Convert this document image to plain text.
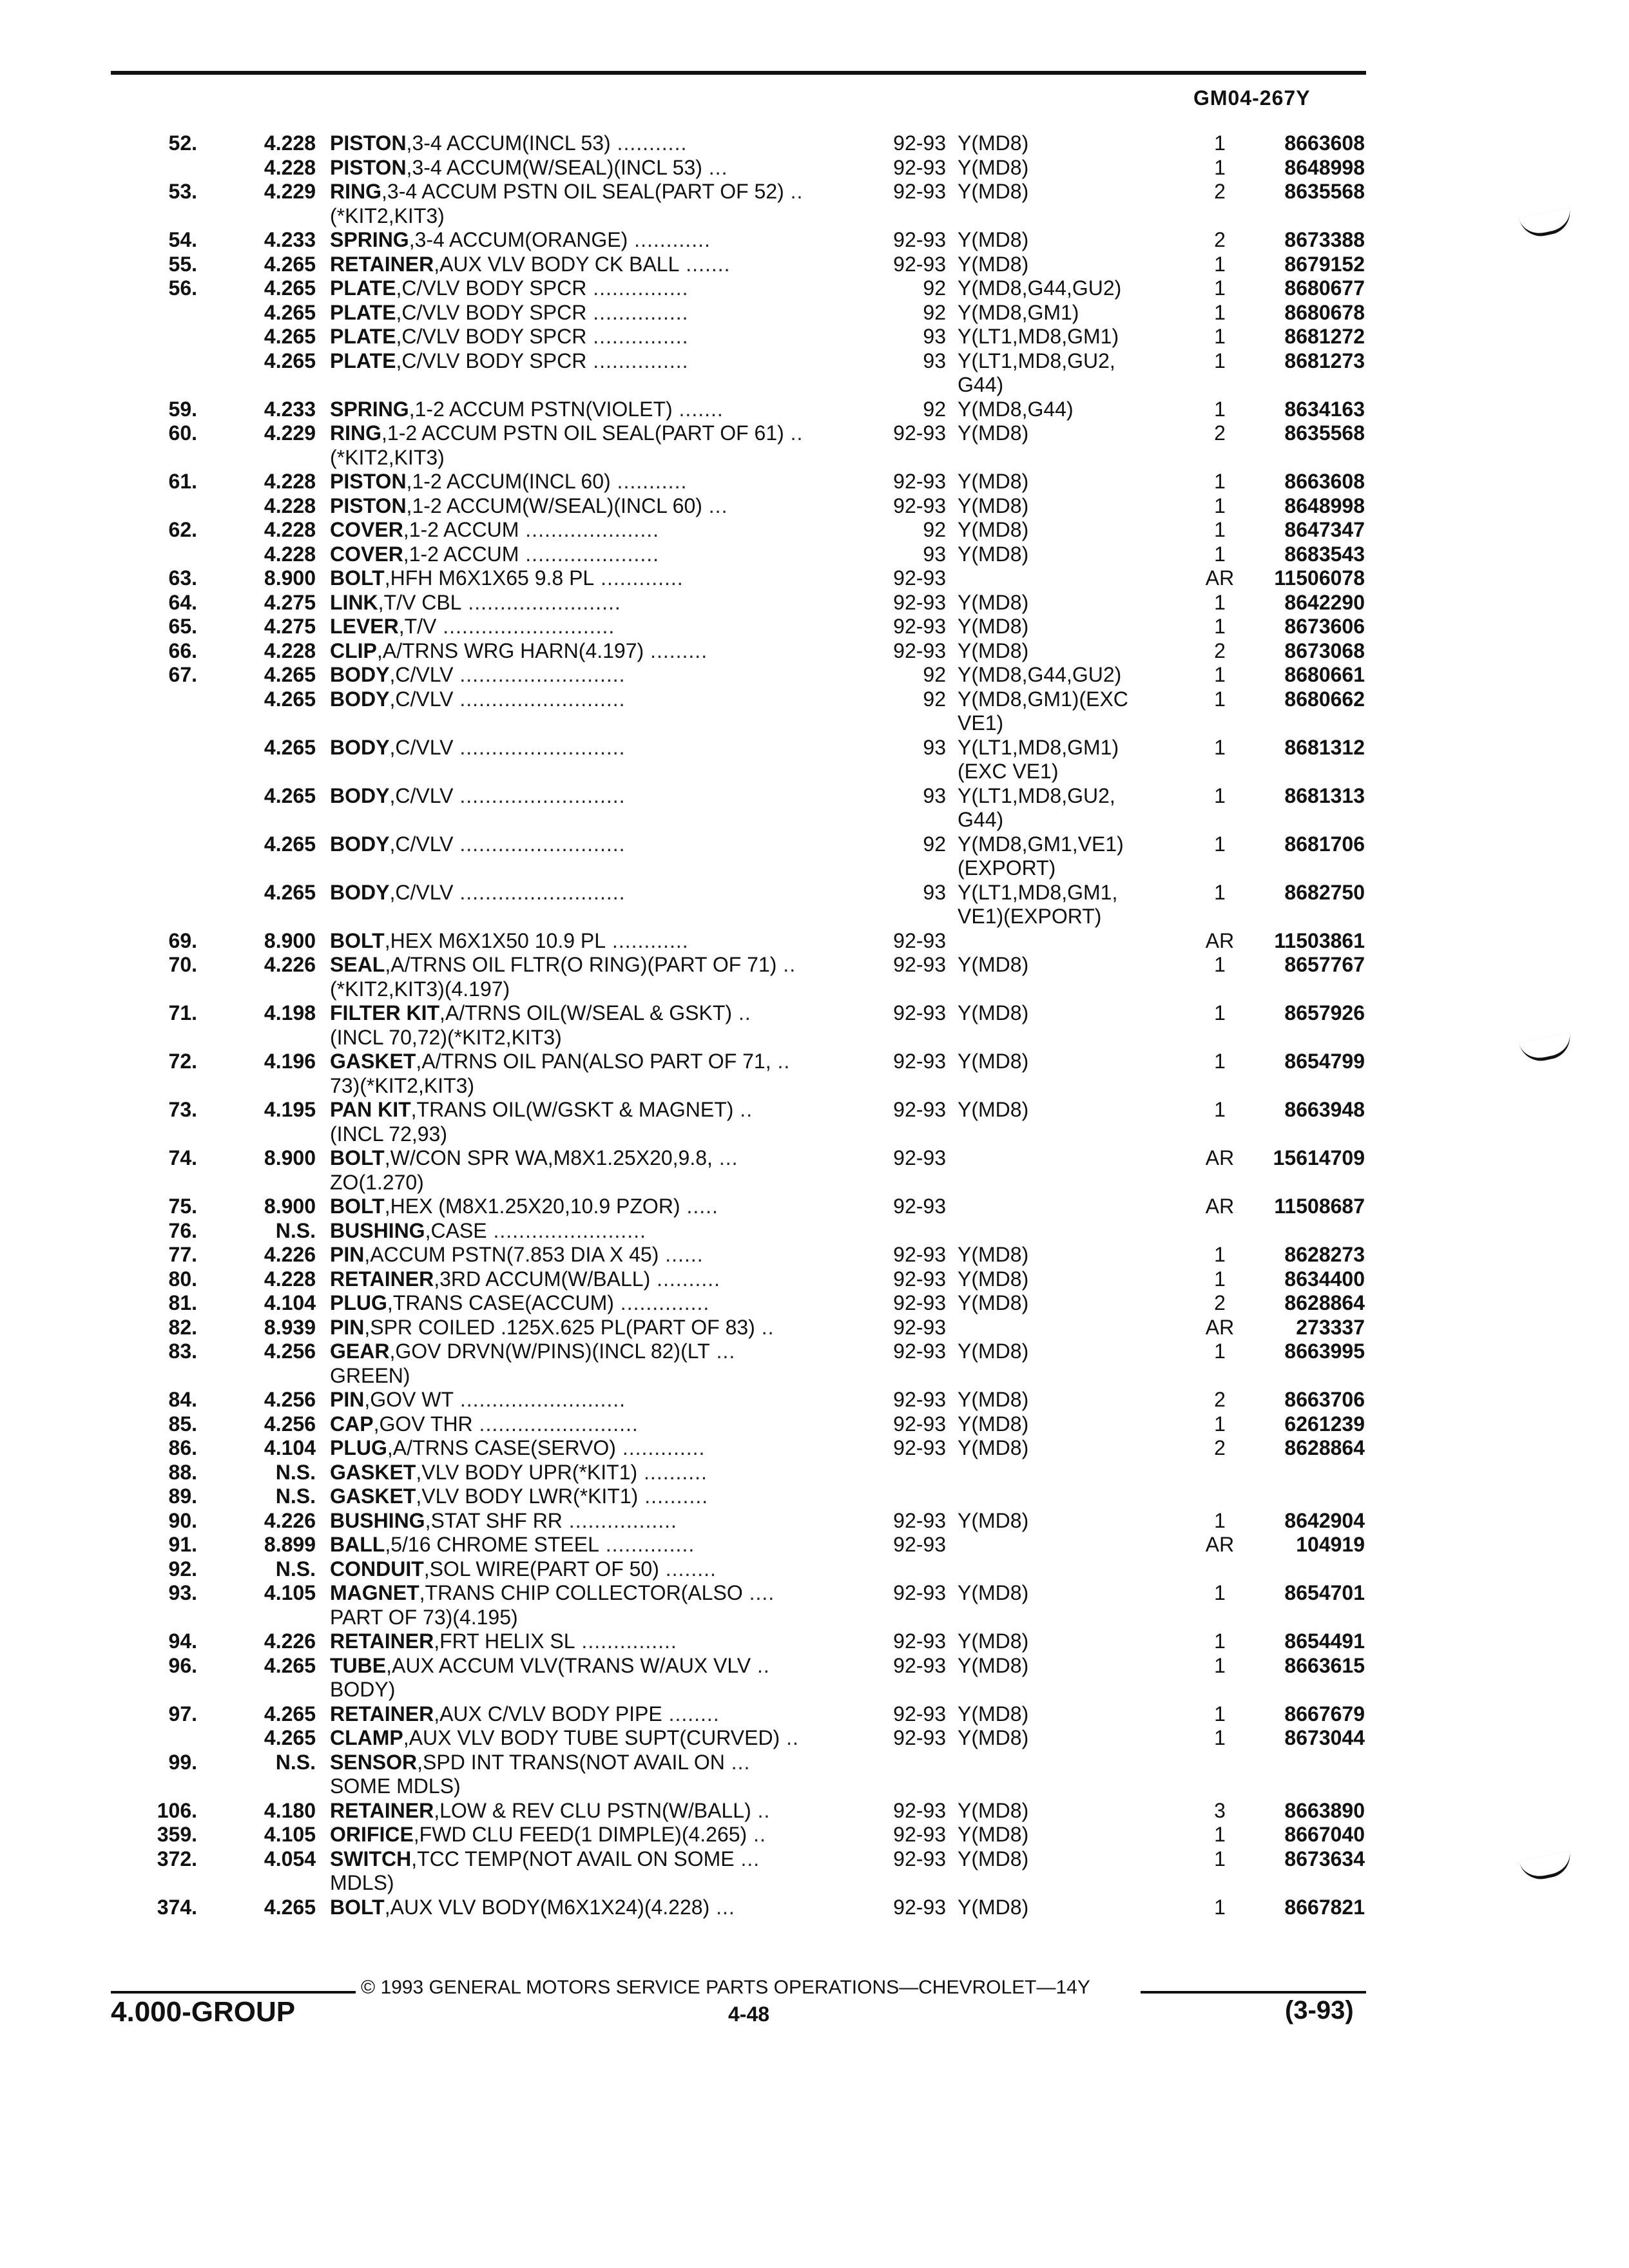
GM04-267Y
52.	4.228 PISTON,3-4 ACCUM(INCL 53) ...........	92-93 Y(MD8)	1	8663608
4.228 PISTON,3-4 ACCUM(W/SEAL)(INCL 53) ...	92-93 Y(MD8)	1	8648998
53.	4.229 RING,3-4 ACCUM PSTN OIL SEAL(PART OF 52) ..	92-93 Y(MD8)	2	8635568
(*KIT2,KIT3)
54.	4.233 SPRING,3-4 ACCUM(ORANGE) ............	92-93 Y(MD8)	2	8673388
55.	4.265 RETAINER,AUX VLV BODY CK BALL .......	92-93 Y(MD8)	1	8679152
56.	4.265 PLATE,C/VLV BODY SPCR ...............	92 Y(MD8,G44,GU2)	1	8680677
4.265 PLATE,C/VLV BODY SPCR ...............	92 Y(MD8,GM1)	1	8680678
4.265 PLATE,C/VLV BODY SPCR ...............	93 Y(LT1,MD8,GM1)	1	8681272
4.265 PLATE,C/VLV BODY SPCR ...............	93 Y(LT1,MD8,GU2,	1	8681273
G44)
59.	4.233 SPRING,1-2 ACCUM PSTN(VIOLET) .......	92 Y(MD8,G44)	1	8634163
60.	4.229 RING,1-2 ACCUM PSTN OIL SEAL(PART OF 61) ..	92-93 Y(MD8)	2	8635568
(*KIT2,KIT3)
61.	4.228 PISTON,1-2 ACCUM(INCL 60) ...........	92-93 Y(MD8)	1	8663608
4.228 PISTON,1-2 ACCUM(W/SEAL)(INCL 60) ...	92-93 Y(MD8)	1	8648998
62.	4.228 COVER,1-2 ACCUM .....................	92 Y(MD8)	1	8647347
4.228 COVER,1-2 ACCUM .....................	93 Y(MD8)	1	8683543
63.	8.900 BOLT,HFH M6X1X65 9.8 PL .............	92-93	AR	11506078
64.	4.275 LINK,T/V CBL ........................	92-93 Y(MD8)	1	8642290
65.	4.275 LEVER,T/V ...........................	92-93 Y(MD8)	1	8673606
66.	4.228 CLIP,A/TRNS WRG HARN(4.197) .........	92-93 Y(MD8)	2	8673068
67.	4.265 BODY,C/VLV ..........................	92 Y(MD8,G44,GU2)	1	8680661
4.265 BODY,C/VLV ..........................	92 Y(MD8,GM1)(EXC	1	8680662
VE1)
4.265 BODY,C/VLV ..........................	93 Y(LT1,MD8,GM1)	1	8681312
(EXC VE1)
4.265 BODY,C/VLV ..........................	93 Y(LT1,MD8,GU2,	1	8681313
G44)
4.265 BODY,C/VLV ..........................	92 Y(MD8,GM1,VE1)	1	8681706
(EXPORT)
4.265 BODY,C/VLV ..........................	93 Y(LT1,MD8,GM1,	1	8682750
VE1)(EXPORT)
69.	8.900 BOLT,HEX M6X1X50 10.9 PL ............	92-93	AR	11503861
70.	4.226 SEAL,A/TRNS OIL FLTR(O RING)(PART OF 71) ..	92-93 Y(MD8)	1	8657767
(*KIT2,KIT3)(4.197)
71.	4.198 FILTER KIT,A/TRNS OIL(W/SEAL & GSKT) ..	92-93 Y(MD8)	1	8657926
(INCL 70,72)(*KIT2,KIT3)
72.	4.196 GASKET,A/TRNS OIL PAN(ALSO PART OF 71, ..	92-93 Y(MD8)	1	8654799
73)(*KIT2,KIT3)
73.	4.195 PAN KIT,TRANS OIL(W/GSKT & MAGNET) ..	92-93 Y(MD8)	1	8663948
(INCL 72,93)
74.	8.900 BOLT,W/CON SPR WA,M8X1.25X20,9.8, ...	92-93	AR	15614709
ZO(1.270)
75.	8.900 BOLT,HEX (M8X1.25X20,10.9 PZOR) .....	92-93	AR	11508687
76.	N.S. BUSHING,CASE ........................
77.	4.226 PIN,ACCUM PSTN(7.853 DIA X 45) ......	92-93 Y(MD8)	1	8628273
80.	4.228 RETAINER,3RD ACCUM(W/BALL) ..........	92-93 Y(MD8)	1	8634400
81.	4.104 PLUG,TRANS CASE(ACCUM) ..............	92-93 Y(MD8)	2	8628864
82.	8.939 PIN,SPR COILED .125X.625 PL(PART OF 83) ..	92-93	AR	273337
83.	4.256 GEAR,GOV DRVN(W/PINS)(INCL 82)(LT ...	92-93 Y(MD8)	1	8663995
GREEN)
84.	4.256 PIN,GOV WT ..........................	92-93 Y(MD8)	2	8663706
85.	4.256 CAP,GOV THR .........................	92-93 Y(MD8)	1	6261239
86.	4.104 PLUG,A/TRNS CASE(SERVO) .............	92-93 Y(MD8)	2	8628864
88.	N.S. GASKET,VLV BODY UPR(*KIT1) ..........
89.	N.S. GASKET,VLV BODY LWR(*KIT1) ..........
90.	4.226 BUSHING,STAT SHF RR .................	92-93 Y(MD8)	1	8642904
91.	8.899 BALL,5/16 CHROME STEEL ..............	92-93	AR	104919
92.	N.S. CONDUIT,SOL WIRE(PART OF 50) ........
93.	4.105 MAGNET,TRANS CHIP COLLECTOR(ALSO ....	92-93 Y(MD8)	1	8654701
PART OF 73)(4.195)
94.	4.226 RETAINER,FRT HELIX SL ...............	92-93 Y(MD8)	1	8654491
96.	4.265 TUBE,AUX ACCUM VLV(TRANS W/AUX VLV ..	92-93 Y(MD8)	1	8663615
BODY)
97.	4.265 RETAINER,AUX C/VLV BODY PIPE ........	92-93 Y(MD8)	1	8667679
4.265 CLAMP,AUX VLV BODY TUBE SUPT(CURVED) ..	92-93 Y(MD8)	1	8673044
99.	N.S. SENSOR,SPD INT TRANS(NOT AVAIL ON ...
SOME MDLS)
106.	4.180 RETAINER,LOW & REV CLU PSTN(W/BALL) ..	92-93 Y(MD8)	3	8663890
359.	4.105 ORIFICE,FWD CLU FEED(1 DIMPLE)(4.265) ..	92-93 Y(MD8)	1	8667040
372.	4.054 SWITCH,TCC TEMP(NOT AVAIL ON SOME ...	92-93 Y(MD8)	1	8673634
MDLS)
374.	4.265 BOLT,AUX VLV BODY(M6X1X24)(4.228) ...	92-93 Y(MD8)	1	8667821
© 1993 GENERAL MOTORS SERVICE PARTS OPERATIONS—CHEVROLET—14Y
4.000-GROUP	4-48	(3-93)
